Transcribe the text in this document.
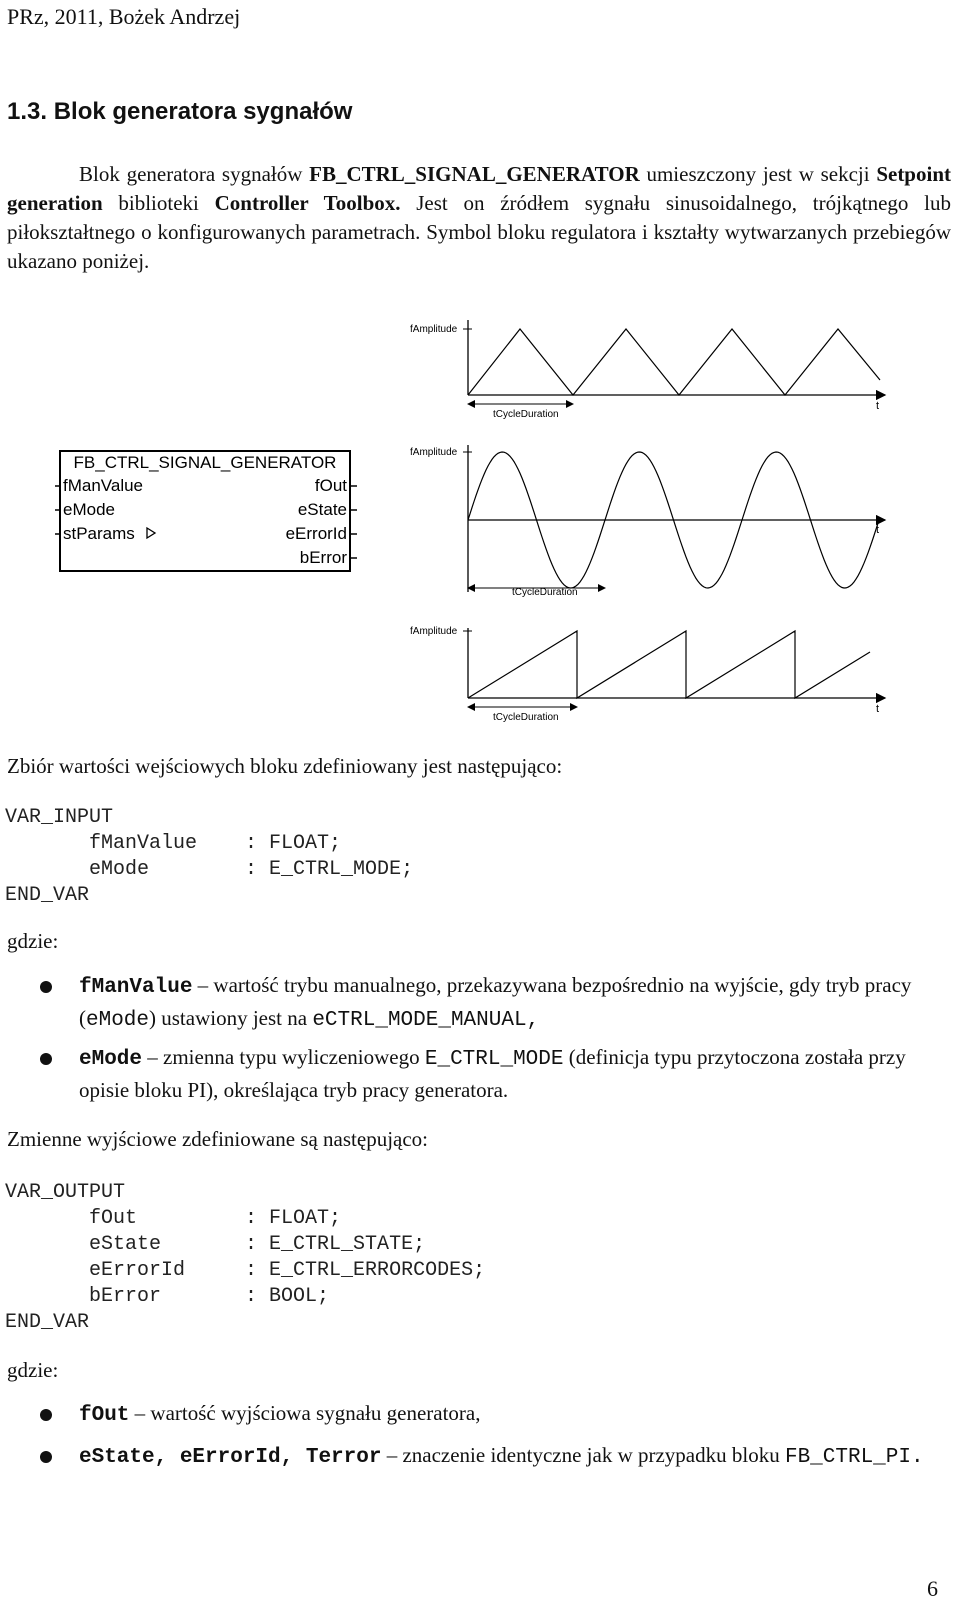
PRz, 2011, Bożek Andrzej
1.3. Blok generatora sygnałów
Blok generatora sygnałów FB_CTRL_SIGNAL_GENERATOR umieszczony jest w sekcji Setpoint generation biblioteki Controller Toolbox. Jest on źródłem sygnału sinusoidalnego, trójkątnego lub piłokształtnego o konfigurowanych parametrach. Symbol bloku regulatora i kształty wytwarzanych przebiegów ukazano poniżej.
FB_CTRL_SIGNAL_GENERATOR
fManValue
eMode
stParams
fOut
eState
eErrorId
bError
fAmplitude
tCycleDuration
t
fAmplitude
tCycleDuration
t
fAmplitude
tCycleDuration
t
Zbiór wartości wejściowych bloku zdefiniowany jest następująco:
VAR_INPUT
fManValue    : FLOAT;
eMode        : E_CTRL_MODE;
END_VAR
gdzie:
fManValue – wartość trybu manualnego, przekazywana bezpośrednio na wyjście, gdy tryb pracy (eMode) ustawiony jest na eCTRL_MODE_MANUAL,
eMode – zmienna typu wyliczeniowego E_CTRL_MODE (definicja typu przytoczona została przy opisie bloku PI), określająca tryb pracy generatora.
Zmienne wyjściowe zdefiniowane są następująco:
VAR_OUTPUT
fOut         : FLOAT;
eState       : E_CTRL_STATE;
eErrorId     : E_CTRL_ERRORCODES;
bError       : BOOL;
END_VAR
gdzie:
fOut – wartość wyjściowa sygnału generatora,
eState, eErrorId, Terror – znaczenie identyczne jak w przypadku bloku FB_CTRL_PI.
6
